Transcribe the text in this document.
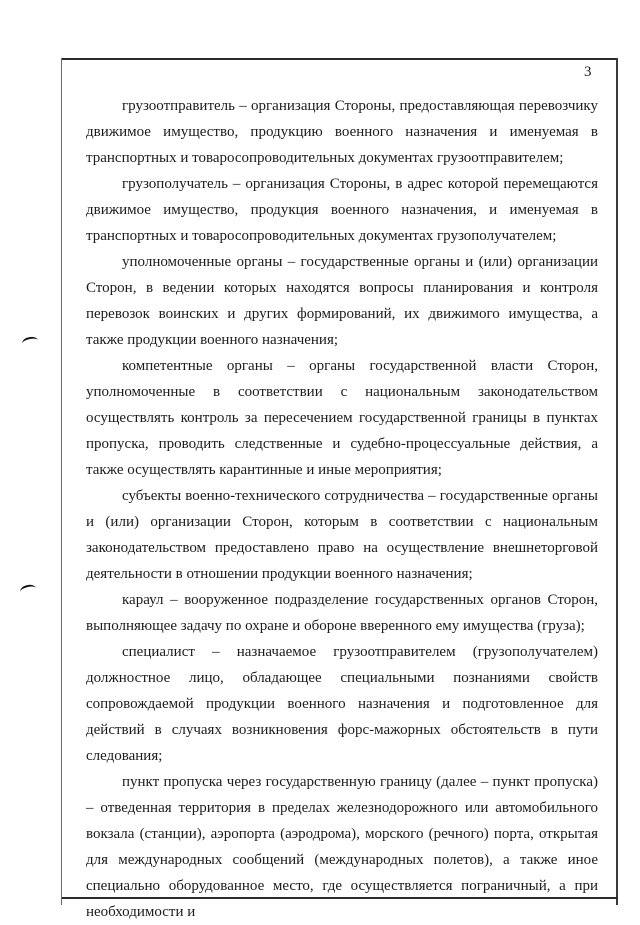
3

грузоотправитель – организация Стороны, предоставляющая перевозчику движимое имущество, продукцию военного назначения и именуемая в транспортных и товаросопроводительных документах грузоотправителем;

грузополучатель – организация Стороны, в адрес которой перемещаются движимое имущество, продукция военного назначения, и именуемая в транспортных и товаросопроводительных документах грузополучателем;

уполномоченные органы – государственные органы и (или) организации Сторон, в ведении которых находятся вопросы планирования и контроля перевозок воинских и других формирований, их движимого имущества, а также продукции военного назначения;

компетентные органы – органы государственной власти Сторон, уполномоченные в соответствии с национальным законодательством осуществлять контроль за пересечением государственной границы в пунктах пропуска, проводить следственные и судебно-процессуальные действия, а также осуществлять карантинные и иные мероприятия;

субъекты военно-технического сотрудничества – государственные органы и (или) организации Сторон, которым в соответствии с национальным законодательством предоставлено право на осуществление внешнеторговой деятельности в отношении продукции военного назначения;

караул – вооруженное подразделение государственных органов Сторон, выполняющее задачу по охране и обороне вверенного ему имущества (груза);

специалист – назначаемое грузоотправителем (грузополучателем) должностное лицо, обладающее специальными познаниями свойств сопровождаемой продукции военного назначения и подготовленное для действий в случаях возникновения форс-мажорных обстоятельств в пути следования;

пункт пропуска через государственную границу (далее – пункт пропуска) – отведенная территория в пределах железнодорожного или автомобильного вокзала (станции), аэропорта (аэродрома), морского (речного) порта, открытая для международных сообщений (международных полетов), а также иное специально оборудованное место, где осуществляется пограничный, а при необходимости и
